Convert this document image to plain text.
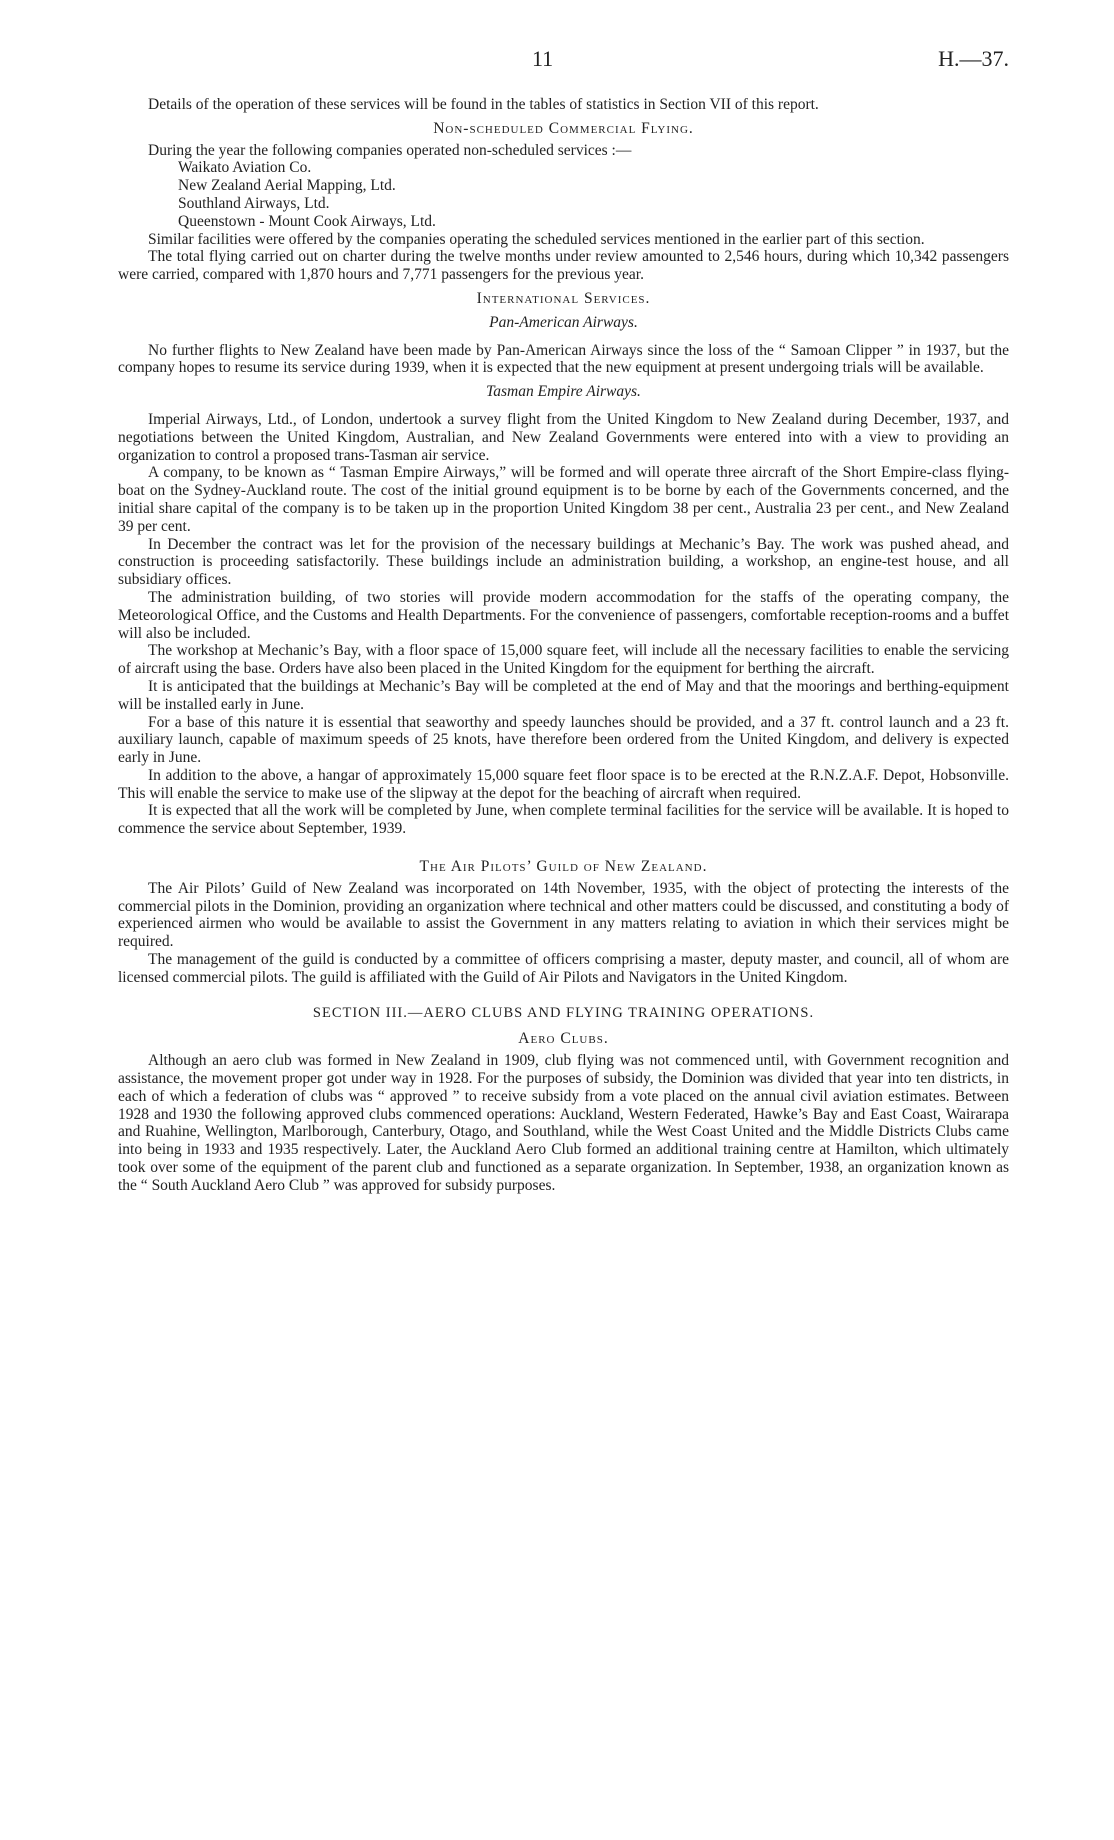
11	H.—37.

Details of the operation of these services will be found in the tables of statistics in Section VII of this report.

Non-scheduled Commercial Flying.

During the year the following companies operated non-scheduled services :—

Waikato Aviation Co.
New Zealand Aerial Mapping, Ltd.
Southland Airways, Ltd.
Queenstown - Mount Cook Airways, Ltd.

Similar facilities were offered by the companies operating the scheduled services mentioned in the earlier part of this section.

The total flying carried out on charter during the twelve months under review amounted to 2,546 hours, during which 10,342 passengers were carried, compared with 1,870 hours and 7,771 passengers for the previous year.

International Services.
Pan-American Airways.

No further flights to New Zealand have been made by Pan-American Airways since the loss of the “ Samoan Clipper ” in 1937, but the company hopes to resume its service during 1939, when it is expected that the new equipment at present undergoing trials will be available.

Tasman Empire Airways.

Imperial Airways, Ltd., of London, undertook a survey flight from the United Kingdom to New Zealand during December, 1937, and negotiations between the United Kingdom, Australian, and New Zealand Governments were entered into with a view to providing an organization to control a proposed trans-Tasman air service.

A company, to be known as “ Tasman Empire Airways,” will be formed and will operate three aircraft of the Short Empire-class flying-boat on the Sydney-Auckland route. The cost of the initial ground equipment is to be borne by each of the Governments concerned, and the initial share capital of the company is to be taken up in the proportion United Kingdom 38 per cent., Australia 23 per cent., and New Zealand 39 per cent.

In December the contract was let for the provision of the necessary buildings at Mechanic’s Bay. The work was pushed ahead, and construction is proceeding satisfactorily. These buildings include an administration building, a workshop, an engine-test house, and all subsidiary offices.

The administration building, of two stories will provide modern accommodation for the staffs of the operating company, the Meteorological Office, and the Customs and Health Departments. For the convenience of passengers, comfortable reception-rooms and a buffet will also be included.

The workshop at Mechanic’s Bay, with a floor space of 15,000 square feet, will include all the necessary facilities to enable the servicing of aircraft using the base. Orders have also been placed in the United Kingdom for the equipment for berthing the aircraft.

It is anticipated that the buildings at Mechanic’s Bay will be completed at the end of May and that the moorings and berthing-equipment will be installed early in June.

For a base of this nature it is essential that seaworthy and speedy launches should be provided, and a 37 ft. control launch and a 23 ft. auxiliary launch, capable of maximum speeds of 25 knots, have therefore been ordered from the United Kingdom, and delivery is expected early in June.

In addition to the above, a hangar of approximately 15,000 square feet floor space is to be erected at the R.N.Z.A.F. Depot, Hobsonville. This will enable the service to make use of the slipway at the depot for the beaching of aircraft when required.

It is expected that all the work will be completed by June, when complete terminal facilities for the service will be available. It is hoped to commence the service about September, 1939.

The Air Pilots’ Guild of New Zealand.

The Air Pilots’ Guild of New Zealand was incorporated on 14th November, 1935, with the object of protecting the interests of the commercial pilots in the Dominion, providing an organization where technical and other matters could be discussed, and constituting a body of experienced airmen who would be available to assist the Government in any matters relating to aviation in which their services might be required.

The management of the guild is conducted by a committee of officers comprising a master, deputy master, and council, all of whom are licensed commercial pilots. The guild is affiliated with the Guild of Air Pilots and Navigators in the United Kingdom.

SECTION III.—AERO CLUBS AND FLYING TRAINING OPERATIONS.
Aero Clubs.

Although an aero club was formed in New Zealand in 1909, club flying was not commenced until, with Government recognition and assistance, the movement proper got under way in 1928. For the purposes of subsidy, the Dominion was divided that year into ten districts, in each of which a federation of clubs was “ approved ” to receive subsidy from a vote placed on the annual civil aviation estimates. Between 1928 and 1930 the following approved clubs commenced operations: Auckland, Western Federated, Hawke’s Bay and East Coast, Wairarapa and Ruahine, Wellington, Marlborough, Canterbury, Otago, and Southland, while the West Coast United and the Middle Districts Clubs came into being in 1933 and 1935 respectively. Later, the Auckland Aero Club formed an additional training centre at Hamilton, which ultimately took over some of the equipment of the parent club and functioned as a separate organization. In September, 1938, an organization known as the “ South Auckland Aero Club ” was approved for subsidy purposes.
